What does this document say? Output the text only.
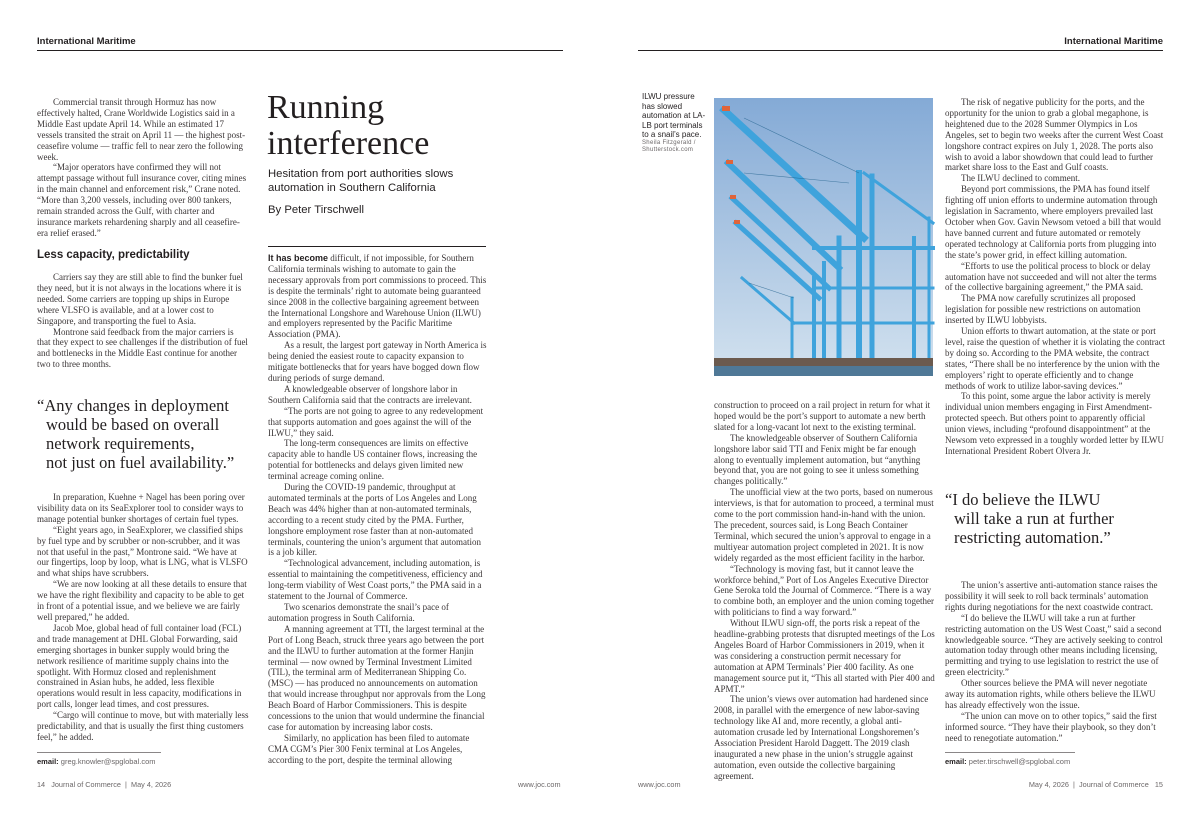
International Maritime	International Maritime

Commercial transit through Hormuz has now effectively halted, Crane Worldwide Logistics said in a Middle East update April 14. While an estimated 17 vessels transited the strait on April 11 — the highest post-ceasefire volume — traffic fell to near zero the following week.

“Major operators have confirmed they will not attempt passage without full insurance cover, citing mines in the main channel and enforcement risk,” Crane noted. “More than 3,200 vessels, including over 800 tankers, remain stranded across the Gulf, with charter and insurance markets rehardening sharply and all ceasefire-era relief erased.”

Less capacity, predictability

Carriers say they are still able to find the bunker fuel they need, but it is not always in the locations where it is needed. Some carriers are topping up ships in Europe where VLSFO is available, and at a lower cost to Singapore, and transporting the fuel to Asia.

Montrone said feedback from the major carriers is that they expect to see challenges if the distribution of fuel and bottlenecks in the Middle East continue for another two to three months.

“Any changes in deployment
would be based on overall
network requirements,
not just on fuel availability.”

In preparation, Kuehne + Nagel has been poring over visibility data on its SeaExplorer tool to consider ways to manage potential bunker shortages of certain fuel types.

“Eight years ago, in SeaExplorer, we classified ships by fuel type and by scrubber or non-scrubber, and it was not that useful in the past,” Montrone said. “We have at our fingertips, loop by loop, what is LNG, what is VLSFO and what ships have scrubbers.

“We are now looking at all these details to ensure that we have the right flexibility and capacity to be able to get in front of a potential issue, and we believe we are fairly well prepared,” he added.

Jacob Moe, global head of full container load (FCL) and trade management at DHL Global Forwarding, said emerging shortages in bunker supply would bring the network resilience of maritime supply chains into the spotlight. With Hormuz closed and replenishment constrained in Asian hubs, he added, less flexible operations would result in less capacity, modifications in port calls, longer lead times, and cost pressures.

“Cargo will continue to move, but with materially less predictability, and that is usually the first thing customers feel,” he added.

email: greg.knowler@spglobal.com
Running
interference
Hesitation from port authorities slows automation in Southern California
By Peter Tirschwell

It has become difficult, if not impossible, for Southern California terminals wishing to automate to gain the necessary approvals from port commissions to proceed. This is despite the terminals’ right to automate being guaranteed since 2008 in the collective bargaining agreement between the International Longshore and Warehouse Union (ILWU) and employers represented by the Pacific Maritime Association (PMA).

As a result, the largest port gateway in North America is being denied the easiest route to capacity expansion to mitigate bottlenecks that for years have bogged down flow during periods of surge demand.

A knowledgeable observer of longshore labor in Southern California said that the contracts are irrelevant.

“The ports are not going to agree to any redevelopment that supports automation and goes against the will of the ILWU,” they said.

The long-term consequences are limits on effective capacity able to handle US container flows, increasing the potential for bottlenecks and delays given limited new terminal acreage coming online.

During the COVID-19 pandemic, throughput at automated terminals at the ports of Los Angeles and Long Beach was 44% higher than at non-automated terminals, according to a recent study cited by the PMA. Further, longshore employment rose faster than at non-automated terminals, countering the union’s argument that automation is a job killer.

“Technological advancement, including automation, is essential to maintaining the competitiveness, efficiency and long-term viability of West Coast ports,” the PMA said in a statement to the Journal of Commerce.

Two scenarios demonstrate the snail’s pace of automation progress in South California.

A manning agreement at TTI, the largest terminal at the Port of Long Beach, struck three years ago between the port and the ILWU to further automation at the former Hanjin terminal — now owned by Terminal Investment Limited (TIL), the terminal arm of Mediterranean Shipping Co. (MSC) — has produced no announcements on automation that would increase throughput nor approvals from the Long Beach Board of Harbor Commissioners. This is despite concessions to the union that would undermine the financial case for automation by increasing labor costs.

Similarly, no application has been filed to automate CMA CGM’s Pier 300 Fenix terminal at Los Angeles, according to the port, despite the terminal allowing

ILWU pressure has slowed automation at LA-LB port terminals to a snail’s pace.
Sheila Fitzgerald / Shutterstock.com

construction to proceed on a rail project in return for what it hoped would be the port’s support to automate a new berth slated for a long-vacant lot next to the existing terminal.

The knowledgeable observer of Southern California longshore labor said TTI and Fenix might be far enough along to eventually implement automation, but “anything beyond that, you are not going to see it unless something changes politically.”

The unofficial view at the two ports, based on numerous interviews, is that for automation to proceed, a terminal must come to the port commission hand-in-hand with the union. The precedent, sources said, is Long Beach Container Terminal, which secured the union’s approval to engage in a multiyear automation project completed in 2021. It is now widely regarded as the most efficient facility in the harbor.

“Technology is moving fast, but it cannot leave the workforce behind,” Port of Los Angeles Executive Director Gene Seroka told the Journal of Commerce. “There is a way to combine both, an employer and the union coming together with politicians to find a way forward.”

Without ILWU sign-off, the ports risk a repeat of the headline-grabbing protests that disrupted meetings of the Los Angeles Board of Harbor Commissioners in 2019, when it was considering a construction permit necessary for automation at APM Terminals’ Pier 400 facility. As one management source put it, “This all started with Pier 400 and APMT.”

The union’s views over automation had hardened since 2008, in parallel with the emergence of new labor-saving technology like AI and, more recently, a global anti-automation crusade led by International Longshoremen’s Association President Harold Daggett. The 2019 clash inaugurated a new phase in the union’s struggle against automation, even outside the collective bargaining agreement.

The risk of negative publicity for the ports, and the opportunity for the union to grab a global megaphone, is heightened due to the 2028 Summer Olympics in Los Angeles, set to begin two weeks after the current West Coast longshore contract expires on July 1, 2028. The ports also wish to avoid a labor showdown that could lead to further market share loss to the East and Gulf coasts.

The ILWU declined to comment.

Beyond port commissions, the PMA has found itself fighting off union efforts to undermine automation through legislation in Sacramento, where employers prevailed last October when Gov. Gavin Newsom vetoed a bill that would have banned current and future automated or remotely operated technology at California ports from plugging into the state’s power grid, in effect killing automation.

“Efforts to use the political process to block or delay automation have not succeeded and will not alter the terms of the collective bargaining agreement,” the PMA said.

The PMA now carefully scrutinizes all proposed legislation for possible new restrictions on automation inserted by ILWU lobbyists.

Union efforts to thwart automation, at the state or port level, raise the question of whether it is violating the contract by doing so. According to the PMA website, the contract states, “There shall be no interference by the union with the employers’ right to operate efficiently and to change methods of work to utilize labor-saving devices.”

To this point, some argue the labor activity is merely individual union members engaging in First Amendment-protected speech. But others point to apparently official union views, including “profound disappointment” at the Newsom veto expressed in a toughly worded letter by ILWU International President Robert Olvera Jr.

“I do believe the ILWU
will take a run at further
restricting automation.”

The union’s assertive anti-automation stance raises the possibility it will seek to roll back terminals’ automation rights during negotiations for the next coastwide contract.

“I do believe the ILWU will take a run at further restricting automation on the US West Coast,” said a second knowledgeable source. “They are actively seeking to control automation today through other means including licensing, permitting and trying to use legislation to restrict the use of green electricity.”

Other sources believe the PMA will never negotiate away its automation rights, while others believe the ILWU has already effectively won the issue.

“The union can move on to other topics,” said the first informed source. “They have their playbook, so they don’t need to renegotiate automation.”

email: peter.tirschwell@spglobal.com
14 Journal of Commerce | May 4, 2026	www.joc.com	www.joc.com	May 4, 2026 | Journal of Commerce 15
